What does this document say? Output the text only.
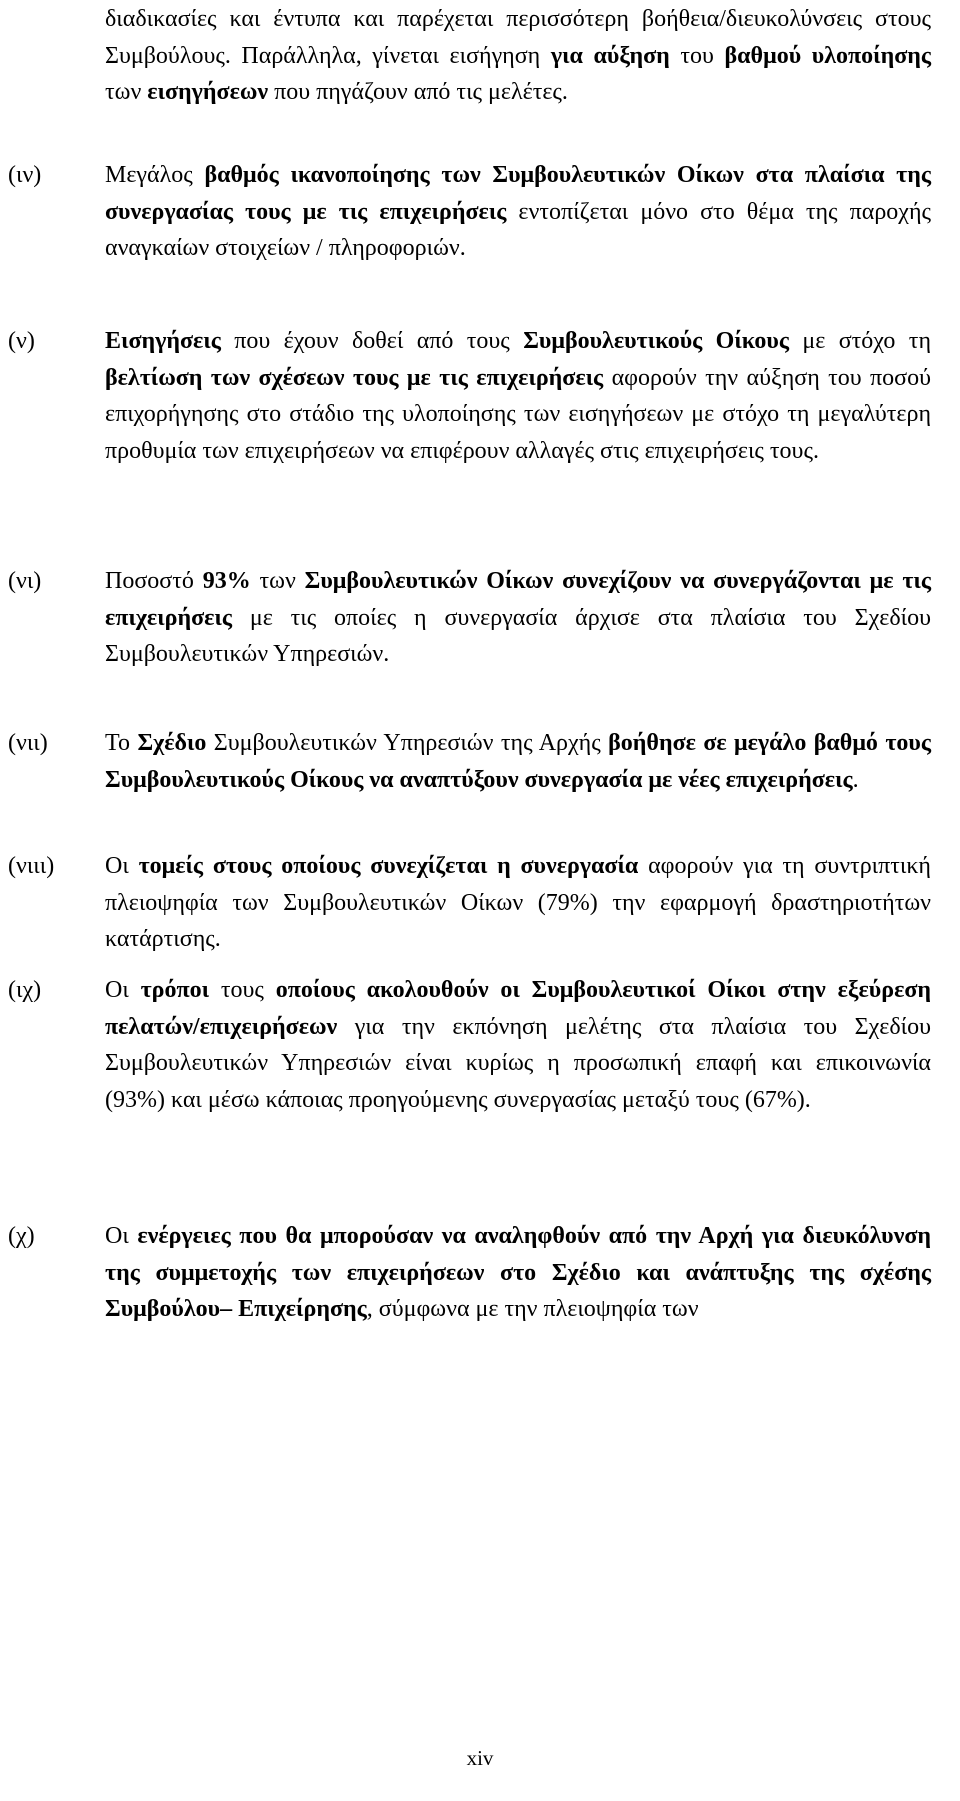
διαδικασίες και έντυπα και παρέχεται περισσότερη βοήθεια/διευκολύνσεις στους Συμβούλους. Παράλληλα, γίνεται εισήγηση για αύξηση του βαθμού υλοποίησης των εισηγήσεων που πηγάζουν από τις μελέτες.
(ιν)	Μεγάλος βαθμός ικανοποίησης των Συμβουλευτικών Οίκων στα πλαίσια της συνεργασίας τους με τις επιχειρήσεις εντοπίζεται μόνο στο θέμα της παροχής αναγκαίων στοιχείων / πληροφοριών.
(ν)	Εισηγήσεις που έχουν δοθεί από τους Συμβουλευτικούς Οίκους με στόχο τη βελτίωση των σχέσεων τους με τις επιχειρήσεις αφορούν την αύξηση του ποσού επιχορήγησης στο στάδιο της υλοποίησης των εισηγήσεων με στόχο τη μεγαλύτερη προθυμία των επιχειρήσεων να επιφέρουν αλλαγές στις επιχειρήσεις τους.
(νι)	Ποσοστό 93% των Συμβουλευτικών Οίκων συνεχίζουν να συνεργάζονται με τις επιχειρήσεις με τις οποίες η συνεργασία άρχισε στα πλαίσια του Σχεδίου Συμβουλευτικών Υπηρεσιών.
(νιι)	Το Σχέδιο Συμβουλευτικών Υπηρεσιών της Αρχής βοήθησε σε μεγάλο βαθμό τους Συμβουλευτικούς Οίκους να αναπτύξουν συνεργασία με νέες επιχειρήσεις.
(νιιι)	Οι τομείς στους οποίους συνεχίζεται η συνεργασία αφορούν για τη συντριπτική πλειοψηφία των Συμβουλευτικών Οίκων (79%) την εφαρμογή δραστηριοτήτων κατάρτισης.
(ιχ)	Οι τρόποι τους οποίους ακολουθούν οι Συμβουλευτικοί Οίκοι στην εξεύρεση πελατών/επιχειρήσεων για την εκπόνηση μελέτης στα πλαίσια του Σχεδίου Συμβουλευτικών Υπηρεσιών είναι κυρίως η προσωπική επαφή και επικοινωνία (93%) και μέσω κάποιας προηγούμενης συνεργασίας μεταξύ τους (67%).
(χ)	Οι ενέργειες που θα μπορούσαν να αναληφθούν από την Αρχή για διευκόλυνση της συμμετοχής των επιχειρήσεων στο Σχέδιο και ανάπτυξης της σχέσης Συμβούλου– Επιχείρησης, σύμφωνα με την πλειοψηφία των
xiv
